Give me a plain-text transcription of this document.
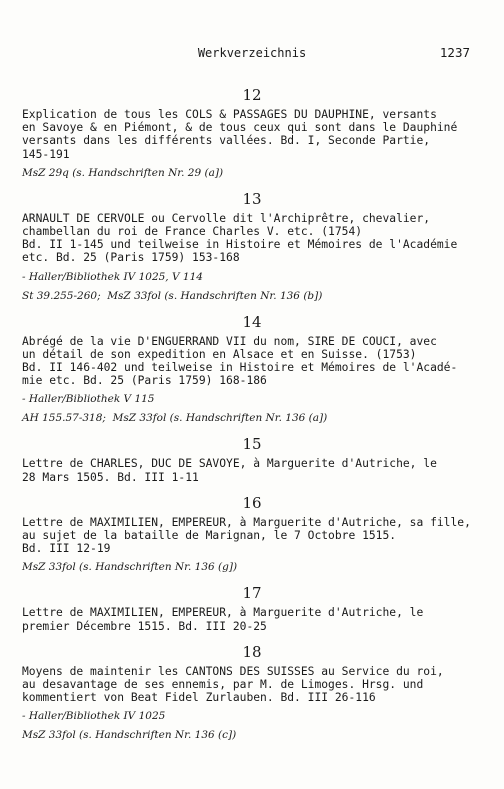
Werkverzeichnis	1237
12
Explication de tous les COLS & PASSAGES DU DAUPHINE, versants
en Savoye & en Piémont, & de tous ceux qui sont dans le Dauphiné
versants dans les différents vallées. Bd. I, Seconde Partie,
145-191
MsZ 29q (s. Handschriften Nr. 29 (a])
13
ARNAULT DE CERVOLE ou Cervolle dit l'Archiprêtre, chevalier,
chambellan du roi de France Charles V. etc. (1754)
Bd. II 1-145 und teilweise in Histoire et Mémoires de l'Académie
etc. Bd. 25 (Paris 1759) 153-168
- Haller/Bibliothek IV 1025, V 114
St 39.255-260;  MsZ 33fol (s. Handschriften Nr. 136 (b])
14
Abrégé de la vie D'ENGUERRAND VII du nom, SIRE DE COUCI, avec
un détail de son expedition en Alsace et en Suisse. (1753)
Bd. II 146-402 und teilweise in Histoire et Mémoires de l'Acadé-
mie etc. Bd. 25 (Paris 1759) 168-186
- Haller/Bibliothek V 115
AH 155.57-318;  MsZ 33fol (s. Handschriften Nr. 136 (a])
15
Lettre de CHARLES, DUC DE SAVOYE, à Marguerite d'Autriche, le
28 Mars 1505. Bd. III 1-11
16
Lettre de MAXIMILIEN, EMPEREUR, à Marguerite d'Autriche, sa fille,
au sujet de la bataille de Marignan, le 7 Octobre 1515.
Bd. III 12-19
MsZ 33fol (s. Handschriften Nr. 136 (g])
17
Lettre de MAXIMILIEN, EMPEREUR, à Marguerite d'Autriche, le
premier Décembre 1515. Bd. III 20-25
18
Moyens de maintenir les CANTONS DES SUISSES au Service du roi,
au desavantage de ses ennemis, par M. de Limoges. Hrsg. und
kommentiert von Beat Fidel Zurlauben. Bd. III 26-116
- Haller/Bibliothek IV 1025
MsZ 33fol (s. Handschriften Nr. 136 (c])
